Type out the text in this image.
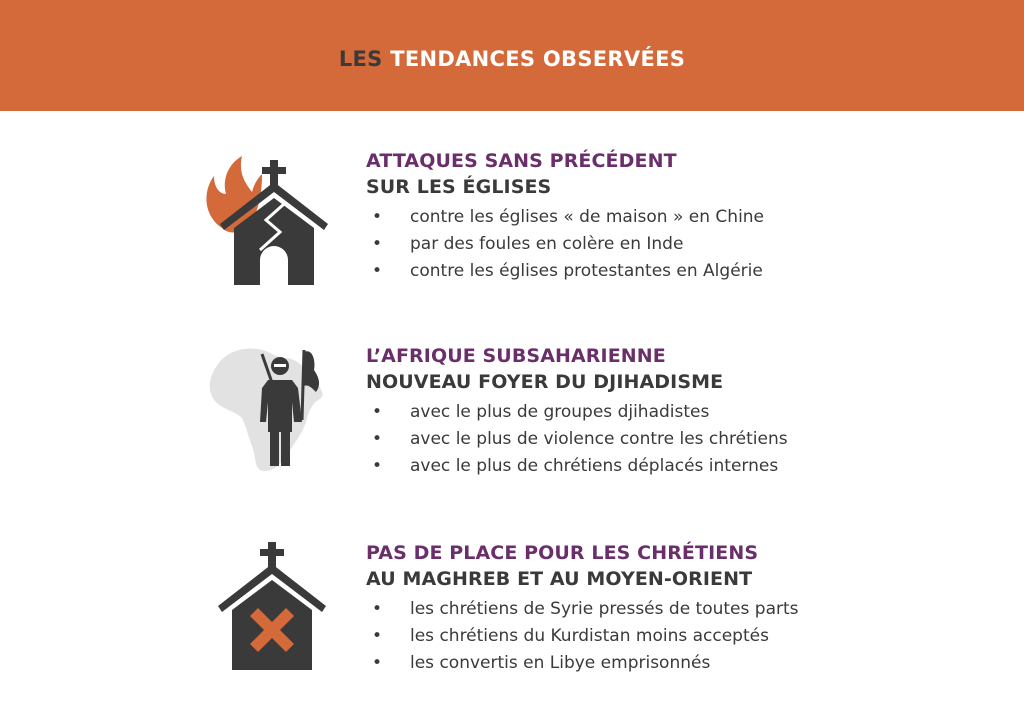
LES TENDANCES OBSERVÉES
ATTAQUES SANS PRÉCÉDENT
SUR LES ÉGLISES
• contre les églises « de maison » en Chine
• par des foules en colère en Inde
• contre les églises protestantes en Algérie
L’AFRIQUE SUBSAHARIENNE
NOUVEAU FOYER DU DJIHADISME
• avec le plus de groupes djihadistes
• avec le plus de violence contre les chrétiens
• avec le plus de chrétiens déplacés internes
PAS DE PLACE POUR LES CHRÉTIENS
AU MAGHREB ET AU MOYEN-ORIENT
• les chrétiens de Syrie pressés de toutes parts
• les chrétiens du Kurdistan moins acceptés
• les convertis en Libye emprisonnés
